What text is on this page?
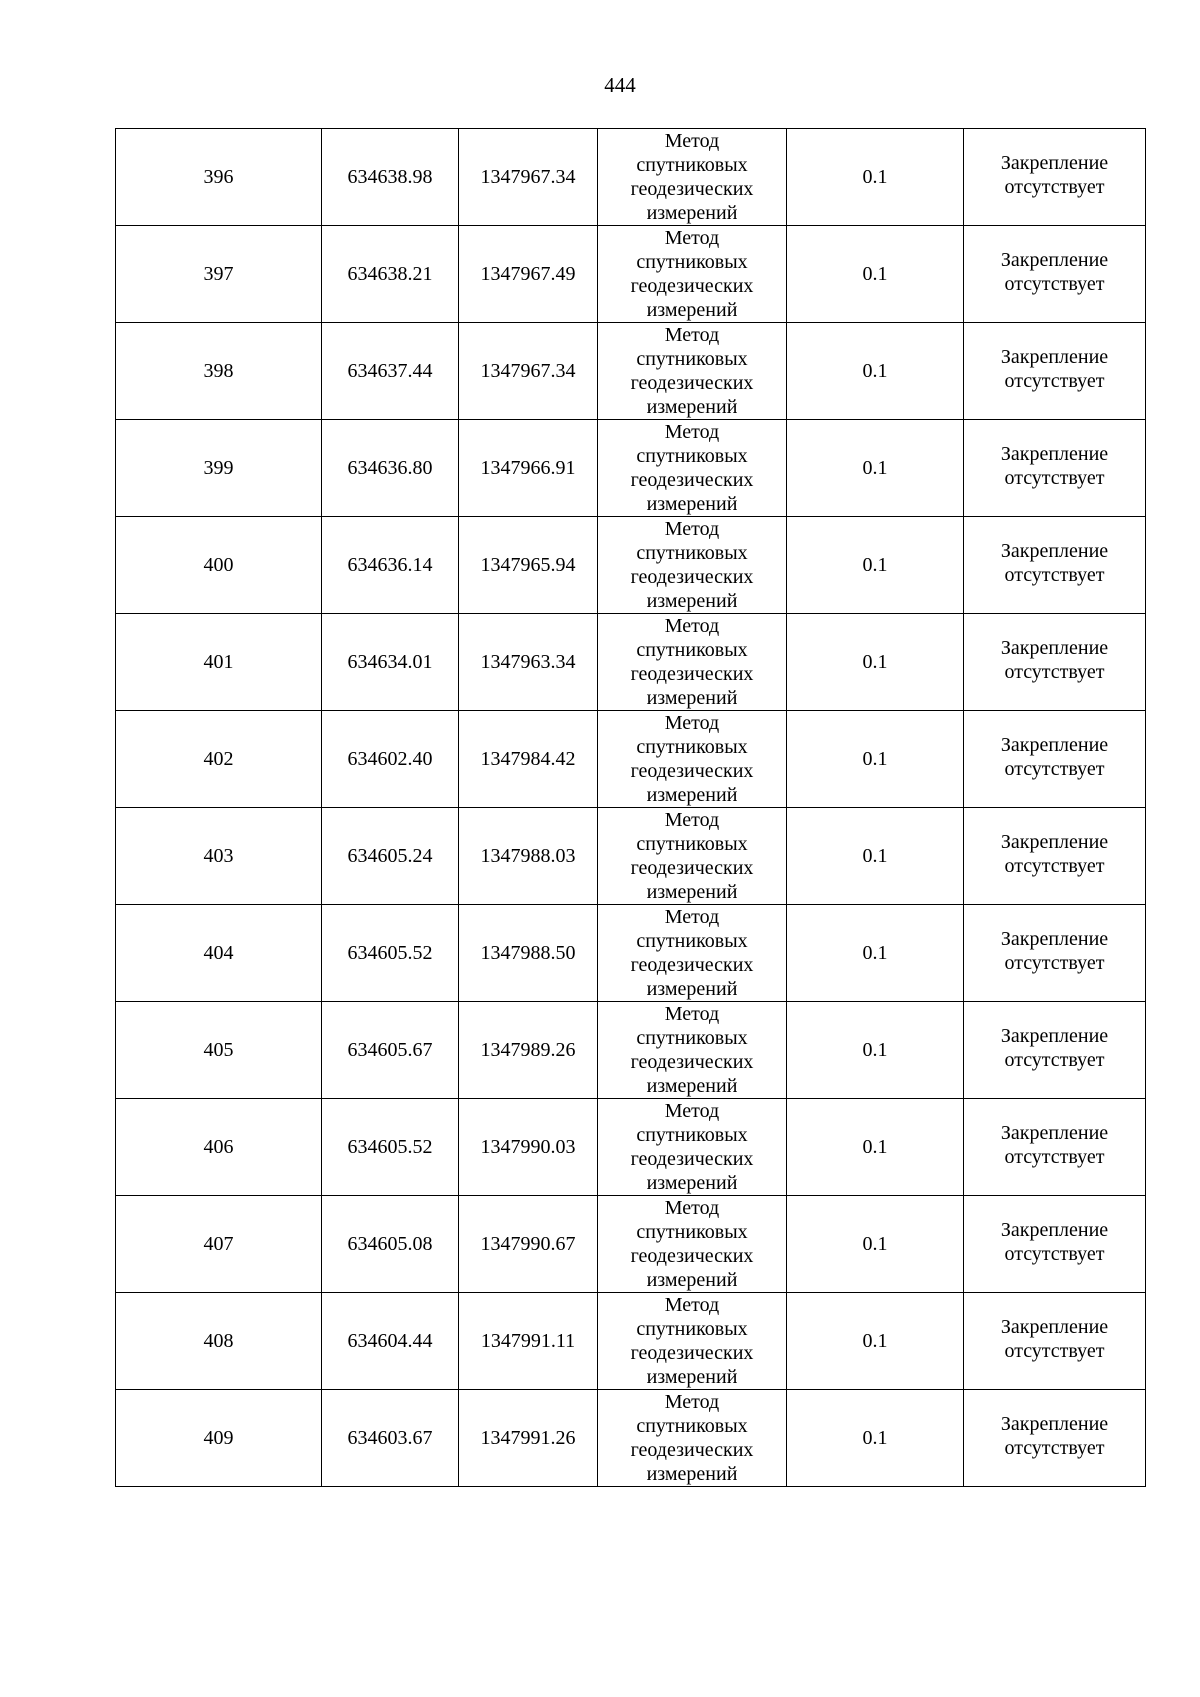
444
396	634638.98	1347967.34	Метод
спутниковых
геодезических
измерений	0.1	Закрепление
отсутствует

397	634638.21	1347967.49	Метод
спутниковых
геодезических
измерений	0.1	Закрепление
отсутствует

398	634637.44	1347967.34	Метод
спутниковых
геодезических
измерений	0.1	Закрепление
отсутствует

399	634636.80	1347966.91	Метод
спутниковых
геодезических
измерений	0.1	Закрепление
отсутствует

400	634636.14	1347965.94	Метод
спутниковых
геодезических
измерений	0.1	Закрепление
отсутствует

401	634634.01	1347963.34	Метод
спутниковых
геодезических
измерений	0.1	Закрепление
отсутствует

402	634602.40	1347984.42	Метод
спутниковых
геодезических
измерений	0.1	Закрепление
отсутствует

403	634605.24	1347988.03	Метод
спутниковых
геодезических
измерений	0.1	Закрепление
отсутствует

404	634605.52	1347988.50	Метод
спутниковых
геодезических
измерений	0.1	Закрепление
отсутствует

405	634605.67	1347989.26	Метод
спутниковых
геодезических
измерений	0.1	Закрепление
отсутствует

406	634605.52	1347990.03	Метод
спутниковых
геодезических
измерений	0.1	Закрепление
отсутствует

407	634605.08	1347990.67	Метод
спутниковых
геодезических
измерений	0.1	Закрепление
отсутствует

408	634604.44	1347991.11	Метод
спутниковых
геодезических
измерений	0.1	Закрепление
отсутствует

409	634603.67	1347991.26	Метод
спутниковых
геодезических
измерений	0.1	Закрепление
отсутствует
